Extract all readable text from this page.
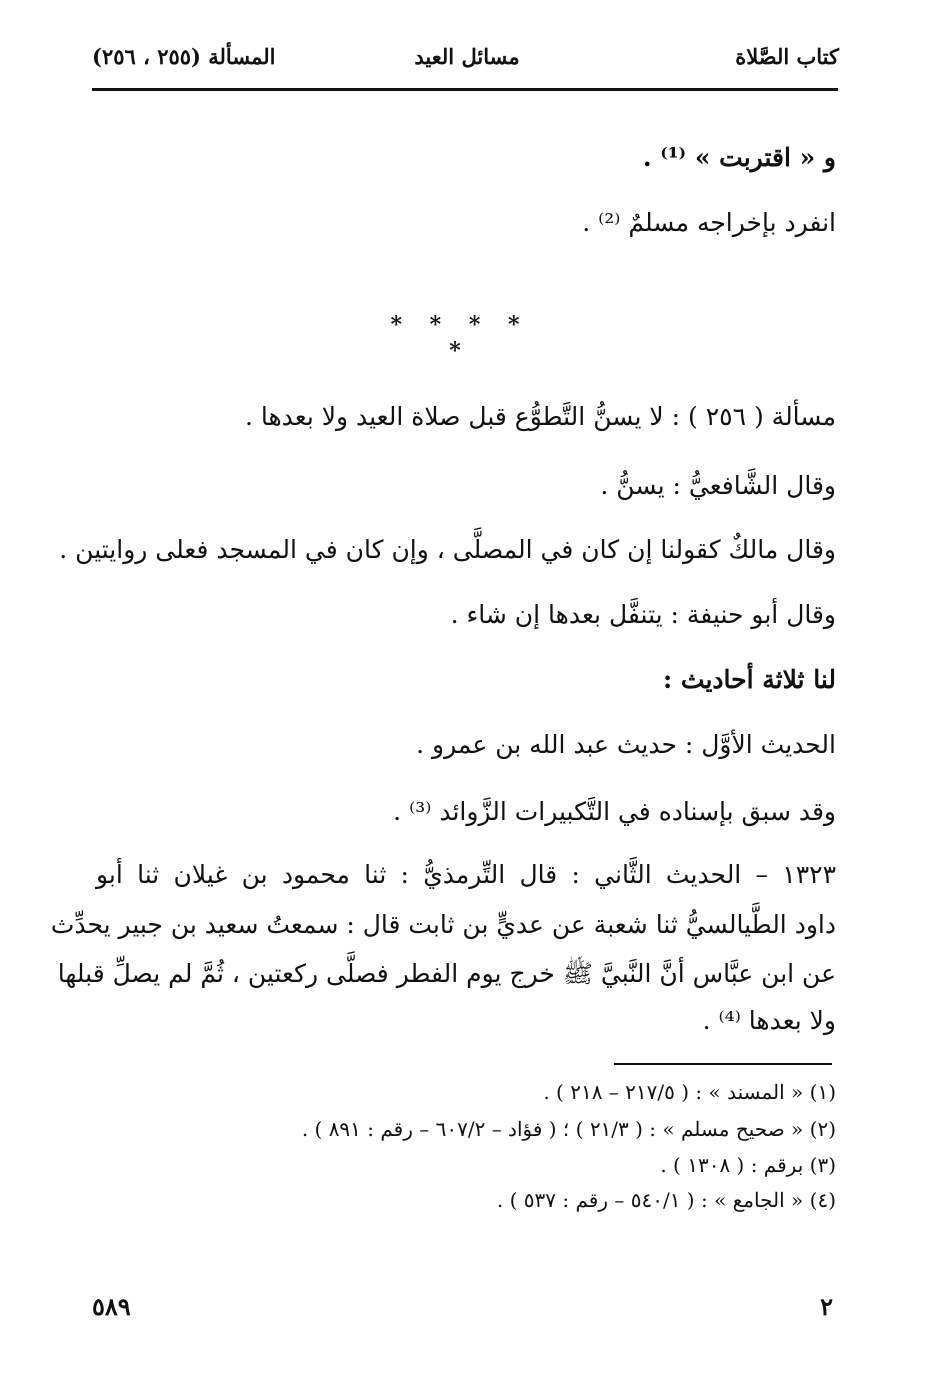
كتاب الصَّلاة
مسائل العيد
المسألة (٢٥٥ ، ٢٥٦)
و « اقتربت » ⁽¹⁾ .
انفرد بإخراجه مسلمٌ ⁽²⁾ .
* * * * *
مسألة ( ٢٥٦ ) : لا يسنُّ التَّطوُّع قبل صلاة العيد ولا بعدها .
وقال الشَّافعيُّ : يسنُّ .
وقال مالكٌ كقولنا إن كان في المصلَّى ، وإن كان في المسجد فعلى روايتين .
وقال أبو حنيفة : يتنفَّل بعدها إن شاء .
لنا ثلاثة أحاديث :
الحديث الأوَّل : حديث عبد الله بن عمرو .
وقد سبق بإسناده في التَّكبيرات الزَّوائد ⁽³⁾ .
١٣٢٣ – الحديث الثَّاني : قال التِّرمذيُّ : ثنا محمود بن غيلان ثنا أبو
داود الطَّيالسيُّ ثنا شعبة عن عديٍّ بن ثابت قال : سمعتُ سعيد بن جبير يحدِّث
عن ابن عبَّاس أنَّ النَّبيَّ ﷺ خرج يوم الفطر فصلَّى ركعتين ، ثُمَّ لم يصلِّ قبلها
ولا بعدها ⁽⁴⁾ .
(١) « المسند » : ( ٢١٧/٥ – ٢١٨ ) .
(٢) « صحيح مسلم » : ( ٢١/٣ ) ؛ ( فؤاد – ٦٠٧/٢ – رقم : ٨٩١ ) .
(٣) برقم : ( ١٣٠٨ ) .
(٤) « الجامع » : ( ٥٤٠/١ – رقم : ٥٣٧ ) .
٢
٥٨٩
